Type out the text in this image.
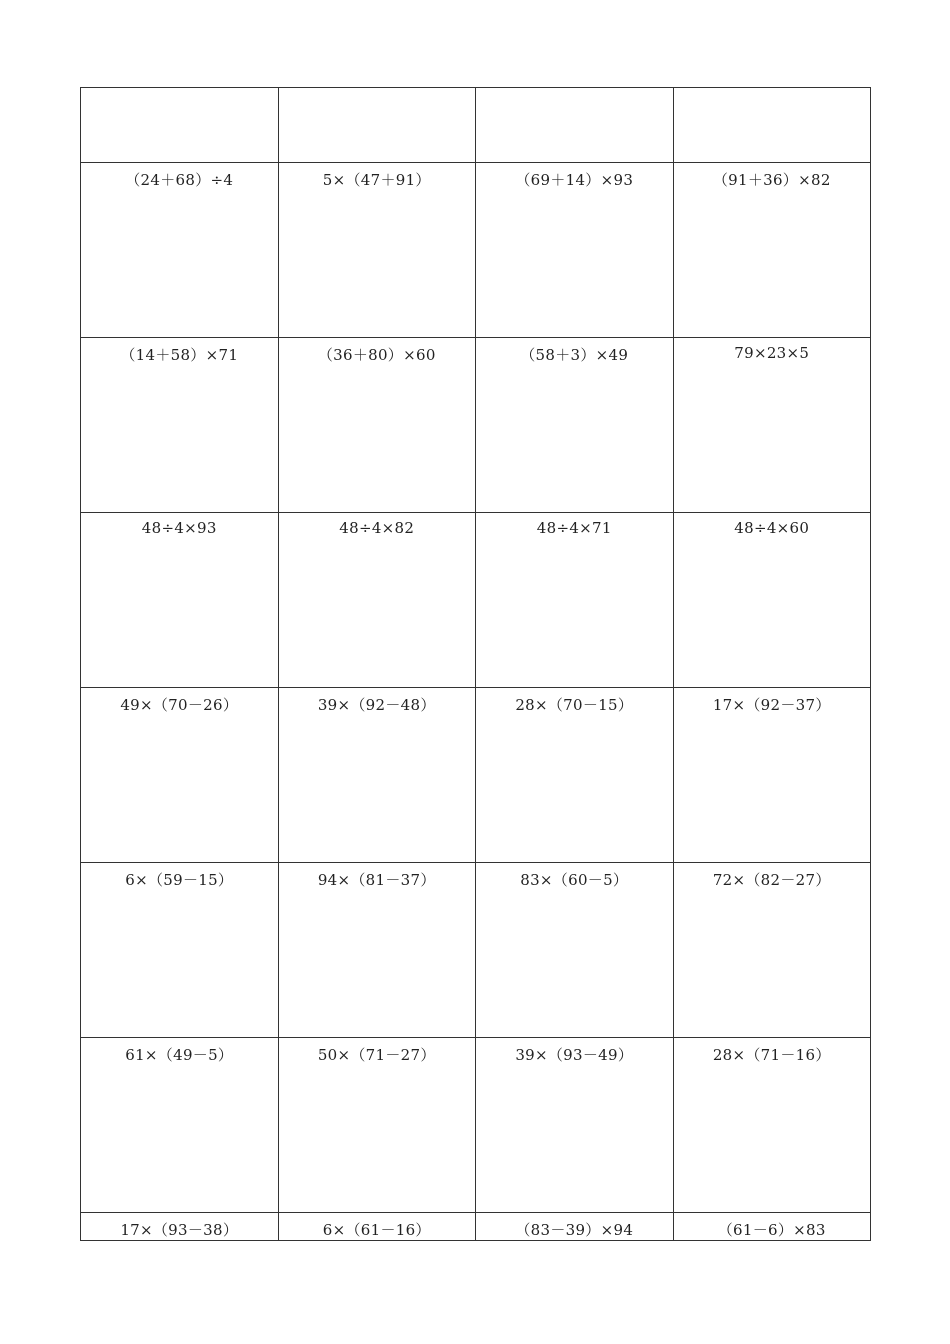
（24＋68）÷4	5×（47＋91）	（69＋14）×93	（91＋36）×82

（14＋58）×71	（36＋80）×60	（58＋3）×49	79×23×5

48÷4×93	48÷4×82	48÷4×71	48÷4×60

49×（70－26）	39×（92－48）	28×（70－15）	17×（92－37）

6×（59－15）	94×（81－37）	83×（60－5）	72×（82－27）

61×（49－5）	50×（71－27）	39×（93－49）	28×（71－16）

17×（93－38）	6×（61－16）	（83－39）×94	（61－6）×83
